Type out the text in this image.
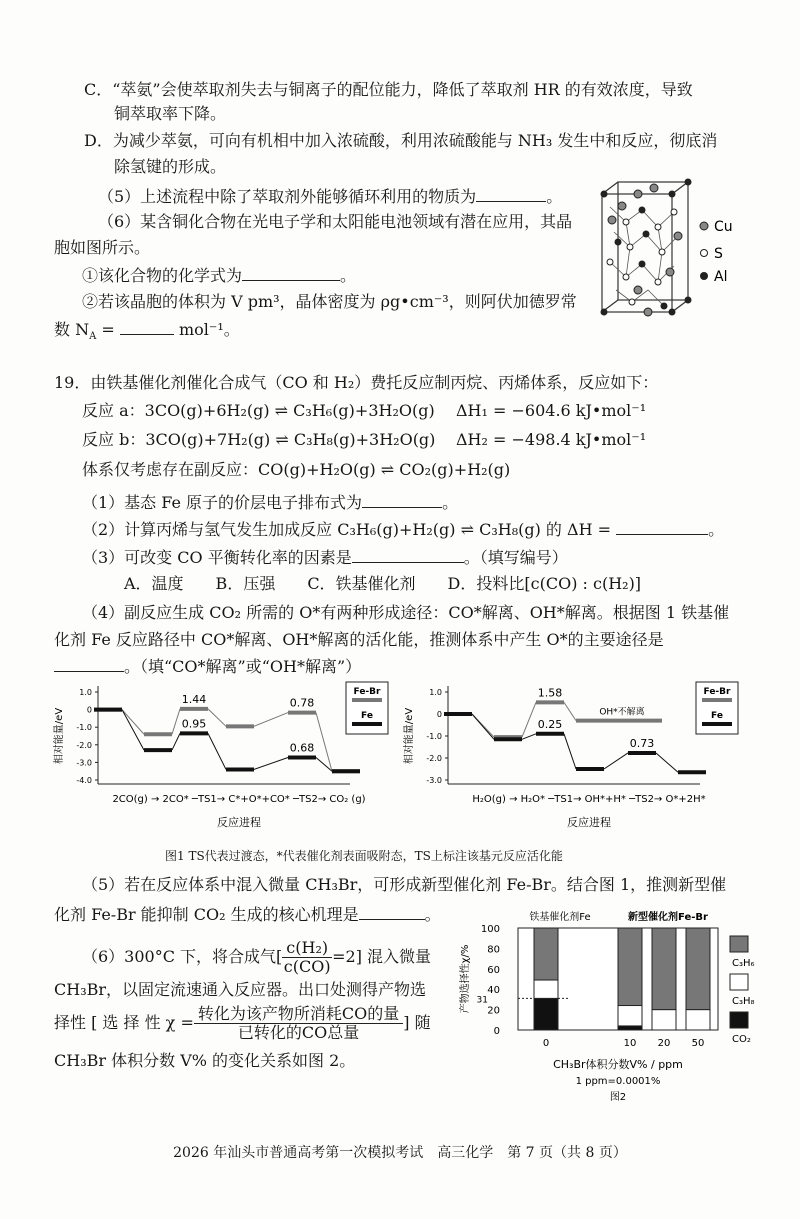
C．“萃氨”会使萃取剂失去与铜离子的配位能力，降低了萃取剂 HR 的有效浓度，导致
铜萃取率下降。
D．为减少萃氨，可向有机相中加入浓硫酸，利用浓硫酸能与 NH₃ 发生中和反应，彻底消
除氢键的形成。
（5）上述流程中除了萃取剂外能够循环利用的物质为	。
（6）某含铜化合物在光电子学和太阳能电池领域有潜在应用，其晶
胞如图所示。
①该化合物的化学式为	。
②若该晶胞的体积为 V pm³，晶体密度为 ρg•cm⁻³，则阿伏加德罗常
数 $N_A$ =	mol⁻¹。
Cu
S
Al
19．由铁基催化剂催化合成气（CO 和 H₂）费托反应制丙烷、丙烯体系，反应如下：
反应 a：3CO(g)+6H₂(g) ⇌ C₃H₆(g)+3H₂O(g) ΔH₁ = −604.6 kJ•mol⁻¹
反应 b：3CO(g)+7H₂(g) ⇌ C₃H₈(g)+3H₂O(g) ΔH₂ = −498.4 kJ•mol⁻¹
体系仅考虑存在副反应：CO(g)+H₂O(g) ⇌ CO₂(g)+H₂(g)
（1）基态 Fe 原子的价层电子排布式为	。
（2）计算丙烯与氢气发生加成反应 C₃H₆(g)+H₂(g) ⇌ C₃H₈(g) 的 ΔH =	。
（3）可改变 CO 平衡转化率的因素是	。（填写编号）
A．温度　　B．压强　　C．铁基催化剂　　D．投料比[c(CO) : c(H₂)]
（4）副反应生成 CO₂ 所需的 O*有两种形成途径：CO*解离、OH*解离。根据图 1 铁基催
化剂 Fe 反应路径中 CO*解离、OH*解离的活化能，推测体系中产生 O*的主要途径是
。（填“CO*解离”或“OH*解离”）
1.0
0
-1.0
-2.0
-3.0
-4.0
相对能量/eV
2CO(g) → 2CO* ─TS1→ C*+O*+CO* ─TS2→ CO₂ (g)
反应进程
Fe-Br
Fe
1.44
0.95
0.78
0.68
1.0
0
-1.0
-2.0
-3.0
相对能量/eV
H₂O(g) → H₂O* ─TS1→ OH*+H* ─TS2→ O*+2H*
反应进程
Fe-Br
Fe
1.58
0.25
0.73
OH*不解离
图1 TS代表过渡态，*代表催化剂表面吸附态，TS上标注该基元反应活化能
（5）若在反应体系中混入微量 CH₃Br，可形成新型催化剂 Fe-Br。结合图 1，推测新型催
化剂 Fe-Br 能抑制 CO₂ 生成的核心机理是	。
（6）300°C 下，将合成气[ $\frac{\text{c(H₂)}}{c(CO)} =2$] 混入微量
CH₃Br，以固定流速通入反应器。出口处测得产物选
择性 [ 选 择 性 $\chi = \frac{\text{转化为该产物所消耗CO的量}}{\text{已转化的CO总量}}$ ] 随
CH₃Br 体积分数 V% 的变化关系如图 2。
铁基催化剂Fe	新型催化剂Fe-Br
100
80
60
40
20
0
31
产物选择性χ/%
0	10 20 50
CH₃Br体积分数V% / ppm
1 ppm=0.0001%
图2
C₃H₆
C₃H₈
CO₂
2026 年汕头市普通高考第一次模拟考试　高三化学　第 7 页（共 8 页）
